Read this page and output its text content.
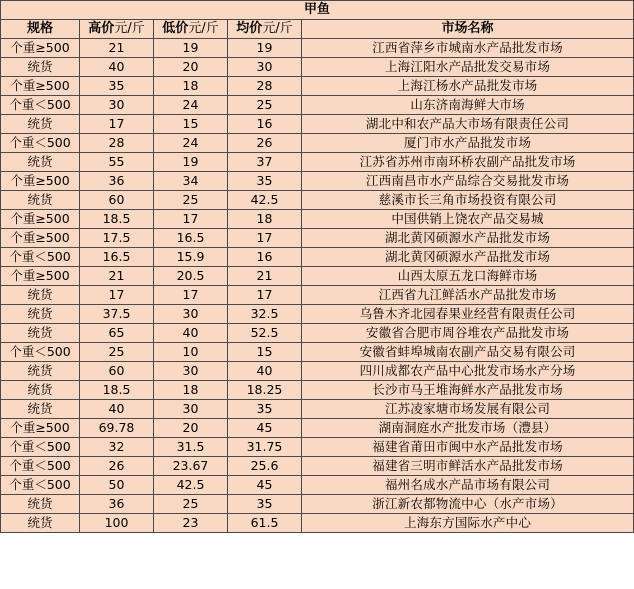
甲鱼				
规格	高价元/斤	低价元/斤	均价元/斤	市场名称
个重≥500	21	19	19	江西省萍乡市城南水产品批发市场
统货	40	20	30	上海江阳水产品批发交易市场
个重≥500	35	18	28	上海江杨水产品批发市场
个重＜500	30	24	25	山东济南海鲜大市场
统货	17	15	16	湖北中和农产品大市场有限责任公司
个重＜500	28	24	26	厦门市水产品批发市场
统货	55	19	37	江苏省苏州市南环桥农副产品批发市场
个重≥500	36	34	35	江西南昌市水产品综合交易批发市场
统货	60	25	42.5	慈溪市长三角市场投资有限公司
个重≥500	18.5	17	18	中国供销上饶农产品交易城
个重≥500	17.5	16.5	17	湖北黄冈硕源水产品批发市场
个重＜500	16.5	15.9	16	湖北黄冈硕源水产品批发市场
个重≥500	21	20.5	21	山西太原五龙口海鲜市场
统货	17	17	17	江西省九江鲜活水产品批发市场
统货	37.5	30	32.5	乌鲁木齐北园春果业经营有限责任公司
统货	65	40	52.5	安徽省合肥市周谷堆农产品批发市场
个重＜500	25	10	15	安徽省蚌埠城南农副产品交易有限公司
统货	60	30	40	四川成都农产品中心批发市场水产分场
统货	18.5	18	18.25	长沙市马王堆海鲜水产品批发市场
统货	40	30	35	江苏凌家塘市场发展有限公司
个重≥500	69.78	20	45	湖南洞庭水产批发市场（澧县）
个重＜500	32	31.5	31.75	福建省莆田市闽中水产品批发市场
个重＜500	26	23.67	25.6	福建省三明市鲜活水产品批发市场
个重＜500	50	42.5	45	福州名成水产品市场有限公司
统货	36	25	35	浙江新农都物流中心（水产市场）
统货	100	23	61.5	上海东方国际水产中心
